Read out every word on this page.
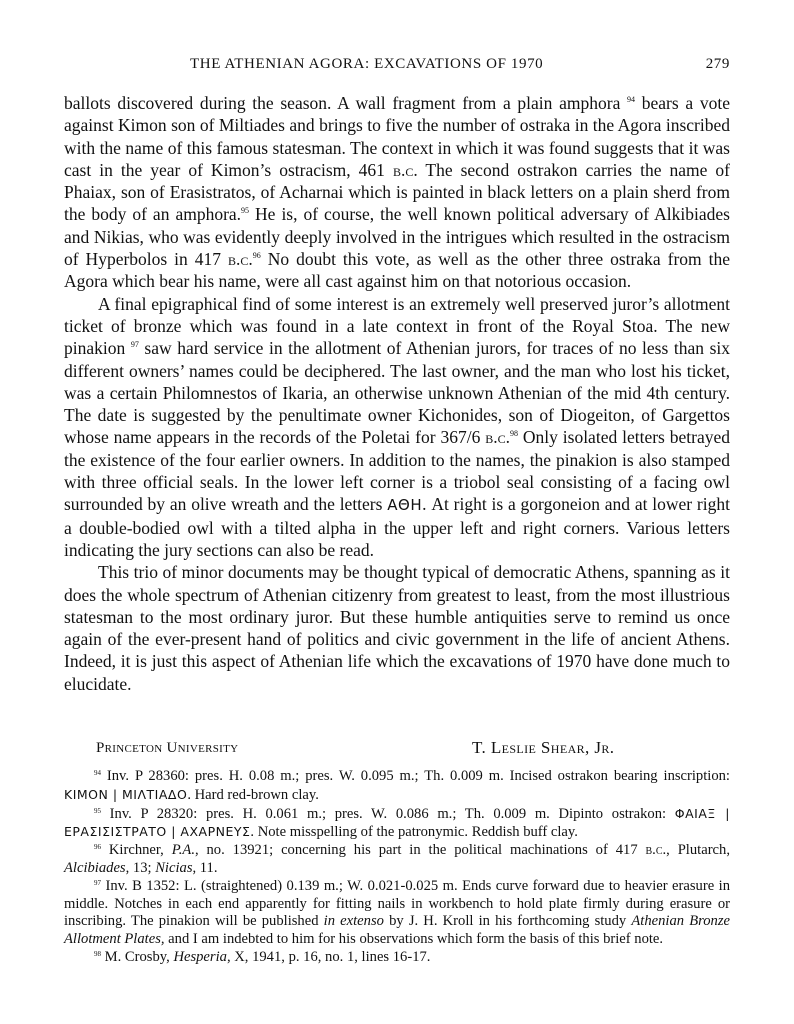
THE ATHENIAN AGORA: EXCAVATIONS OF 1970	279

ballots discovered during the season. A wall fragment from a plain amphora $^{94}$ bears a vote against Kimon son of Miltiades and brings to five the number of ostraka in the Agora inscribed with the name of this famous statesman. The context in which it was found suggests that it was cast in the year of Kimon’s ostracism, 461 b.c. The second ostrakon carries the name of Phaiax, son of Erasistratos, of Acharnai which is painted in black letters on a plain sherd from the body of an amphora.$^{95}$ He is, of course, the well known political adversary of Alkibiades and Nikias, who was evidently deeply involved in the intrigues which resulted in the ostracism of Hyperbolos in 417 b.c.$^{96}$ No doubt this vote, as well as the other three ostraka from the Agora which bear his name, were all cast against him on that notorious occasion.

A final epigraphical find of some interest is an extremely well preserved juror’s allotment ticket of bronze which was found in a late context in front of the Royal Stoa. The new pinakion $^{97}$ saw hard service in the allotment of Athenian jurors, for traces of no less than six different owners’ names could be deciphered. The last owner, and the man who lost his ticket, was a certain Philomnestos of Ikaria, an otherwise unknown Athenian of the mid 4th century. The date is suggested by the penultimate owner Kichonides, son of Diogeiton, of Gargettos whose name appears in the records of the Poletai for 367/6 b.c.$^{98}$ Only isolated letters betrayed the existence of the four earlier owners. In addition to the names, the pinakion is also stamped with three official seals. In the lower left corner is a triobol seal consisting of a facing owl surrounded by an olive wreath and the letters ΑΘΗ. At right is a gorgoneion and at lower right a double-bodied owl with a tilted alpha in the upper left and right corners. Various letters indicating the jury sections can also be read.

This trio of minor documents may be thought typical of democratic Athens, spanning as it does the whole spectrum of Athenian citizenry from greatest to least, from the most illustrious statesman to the most ordinary juror. But these humble antiquities serve to remind us once again of the ever-present hand of politics and civic government in the life of ancient Athens. Indeed, it is just this aspect of Athenian life which the excavations of 1970 have done much to elucidate.

Princeton University	T. Leslie Shear, Jr.

$^{94}$ Inv. P 28360: pres. H. 0.08 m.; pres. W. 0.095 m.; Th. 0.009 m. Incised ostrakon bearing inscription: ΚΙΜΟΝ | ΜΙΛΤΙΑΔΟ. Hard red-brown clay.

$^{95}$ Inv. P 28320: pres. H. 0.061 m.; pres. W. 0.086 m.; Th. 0.009 m. Dipinto ostrakon: ΦΑΙΑΞ | ΕΡΑΣΙΣΙΣΤΡΑΤΟ | ΑΧΑΡΝΕΥΣ. Note misspelling of the patronymic. Reddish buff clay.

$^{96}$ Kirchner, P.A., no. 13921; concerning his part in the political machinations of 417 b.c., Plutarch, Alcibiades, 13; Nicias, 11.

$^{97}$ Inv. B 1352: L. (straightened) 0.139 m.; W. 0.021-0.025 m. Ends curve forward due to heavier erasure in middle. Notches in each end apparently for fitting nails in workbench to hold plate firmly during erasure or inscribing. The pinakion will be published in extenso by J. H. Kroll in his forthcoming study Athenian Bronze Allotment Plates, and I am indebted to him for his observations which form the basis of this brief note.

$^{98}$ M. Crosby, Hesperia, X, 1941, p. 16, no. 1, lines 16-17.
